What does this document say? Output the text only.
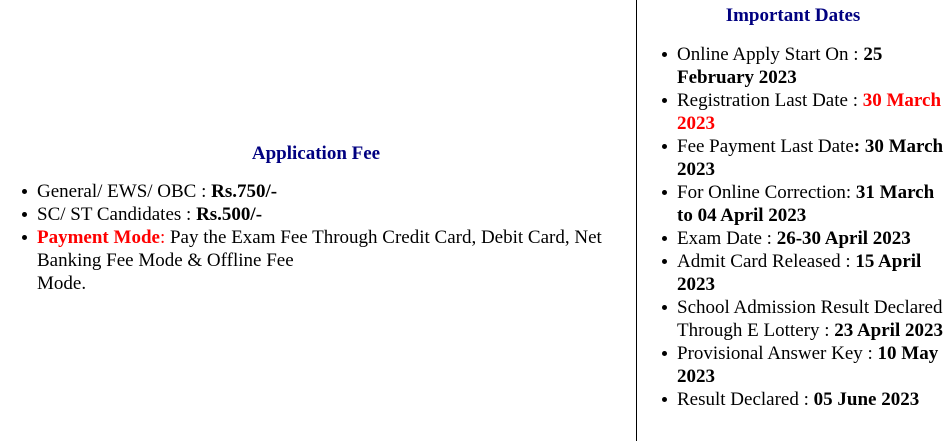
Application Fee
General/ EWS/ OBC : Rs.750/-
SC/ ST Candidates : Rs.500/-
Payment Mode: Pay the Exam Fee Through Credit Card, Debit Card, Net
Banking Fee Mode & Offline Fee
Mode.
Important Dates
Online Apply Start On : 25 February 2023
Registration Last Date : 30 March 2023
Fee Payment Last Date: 30 March 2023
For Online Correction: 31 March to 04 April 2023
Exam Date : 26-30 April 2023
Admit Card Released : 15 April 2023
School Admission Result Declared Through E Lottery : 23 April 2023
Provisional Answer Key : 10 May 2023
Result Declared : 05 June 2023
